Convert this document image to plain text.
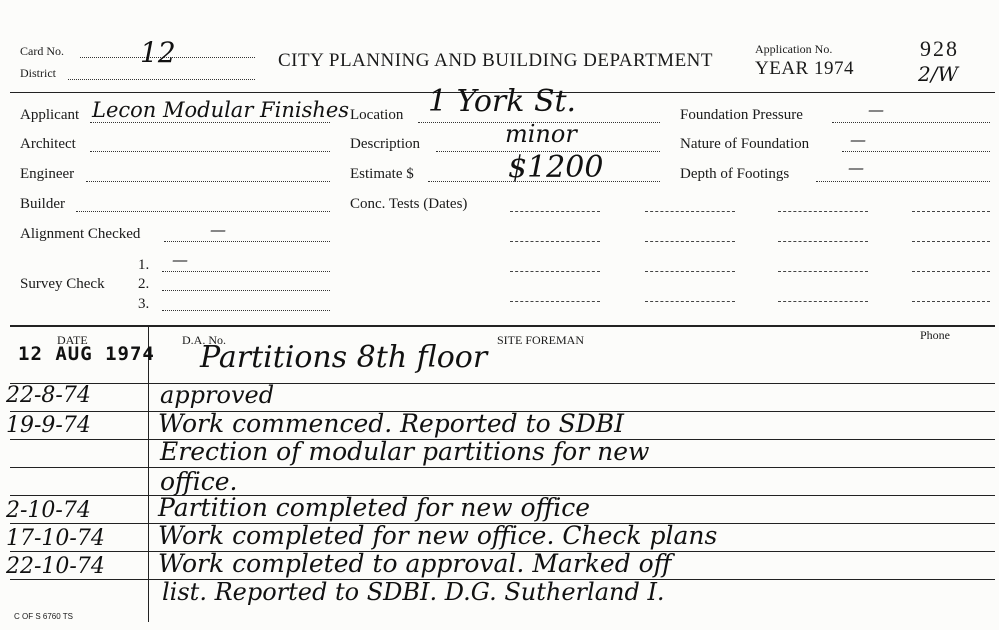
Card No.	12
District
CITY PLANNING AND BUILDING DEPARTMENT
Application No.
YEAR 1974
928
2/W
Applicant Lecon Modular Finishes
Architect
Engineer
Builder
Alignment Checked	—
Survey Check
1. —
2.
3.
Location 1 York St.
Description	minor
Estimate $	$1200
Conc. Tests (Dates)
Foundation Pressure	—
Nature of Foundation	—
Depth of Footings	—
DATE	D.A. No.	SITE FOREMAN	Phone
12 AUG 1974 Partitions 8th floor
22-8-74	approved
19-9-74	Work commenced. Reported to SDBI
Erection of modular partitions for new
office.
2-10-74	Partition completed for new office
17-10-74 Work completed for new office. Check plans
22-10-74 Work completed to approval. Marked off
list. Reported to SDBI. D.G. Sutherland I.
C OF S 6760 TS
